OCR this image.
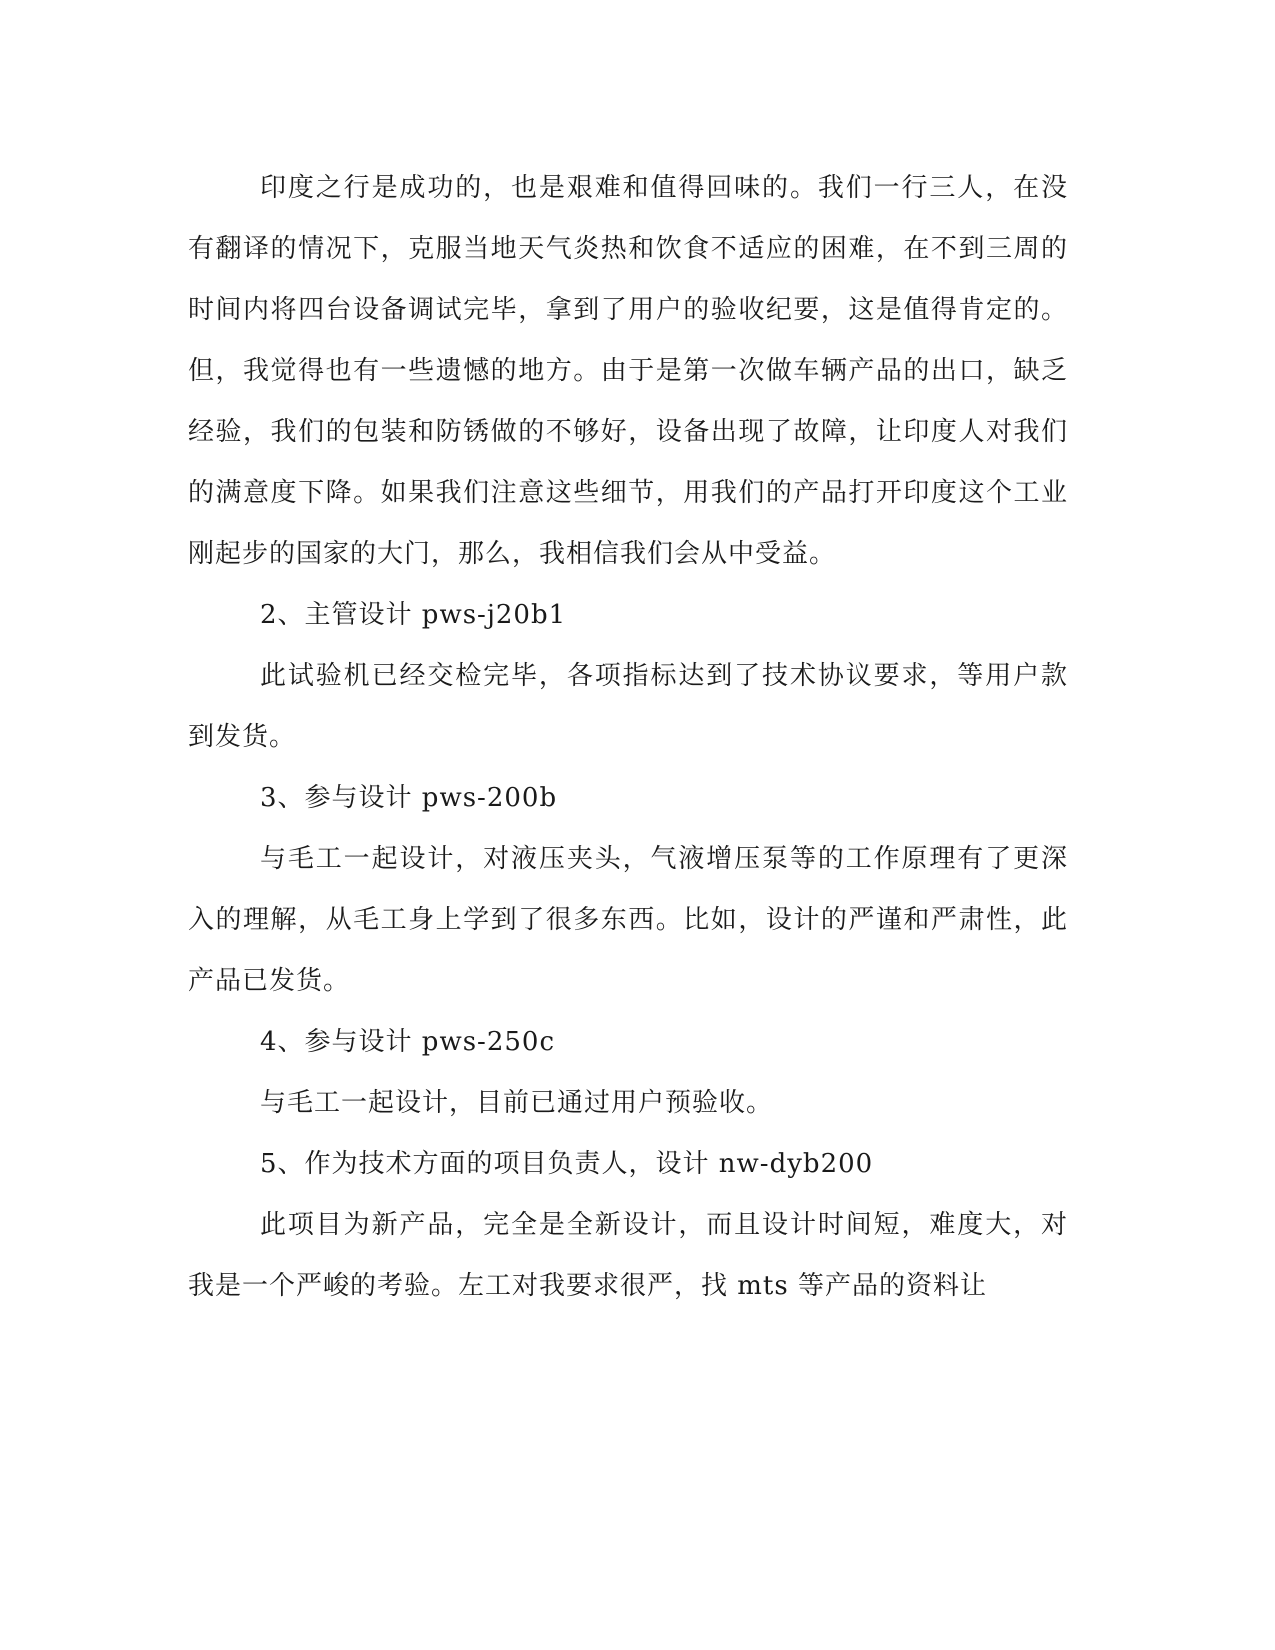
印度之行是成功的，也是艰难和值得回味的。我们一行三人，在没有翻译的情况下，克服当地天气炎热和饮食不适应的困难，在不到三周的时间内将四台设备调试完毕，拿到了用户的验收纪要，这是值得肯定的。但，我觉得也有一些遗憾的地方。由于是第一次做车辆产品的出口，缺乏经验，我们的包装和防锈做的不够好，设备出现了故障，让印度人对我们的满意度下降。如果我们注意这些细节，用我们的产品打开印度这个工业刚起步的国家的大门，那么，我相信我们会从中受益。

2、主管设计 pws-j20b1

此试验机已经交检完毕，各项指标达到了技术协议要求，等用户款到发货。

3、参与设计 pws-200b

与毛工一起设计，对液压夹头，气液增压泵等的工作原理有了更深入的理解，从毛工身上学到了很多东西。比如，设计的严谨和严肃性，此产品已发货。

4、参与设计 pws-250c

与毛工一起设计，目前已通过用户预验收。

5、作为技术方面的项目负责人，设计 nw-dyb200

此项目为新产品，完全是全新设计，而且设计时间短，难度大，对我是一个严峻的考验。左工对我要求很严，找 mts 等产品的资料让
